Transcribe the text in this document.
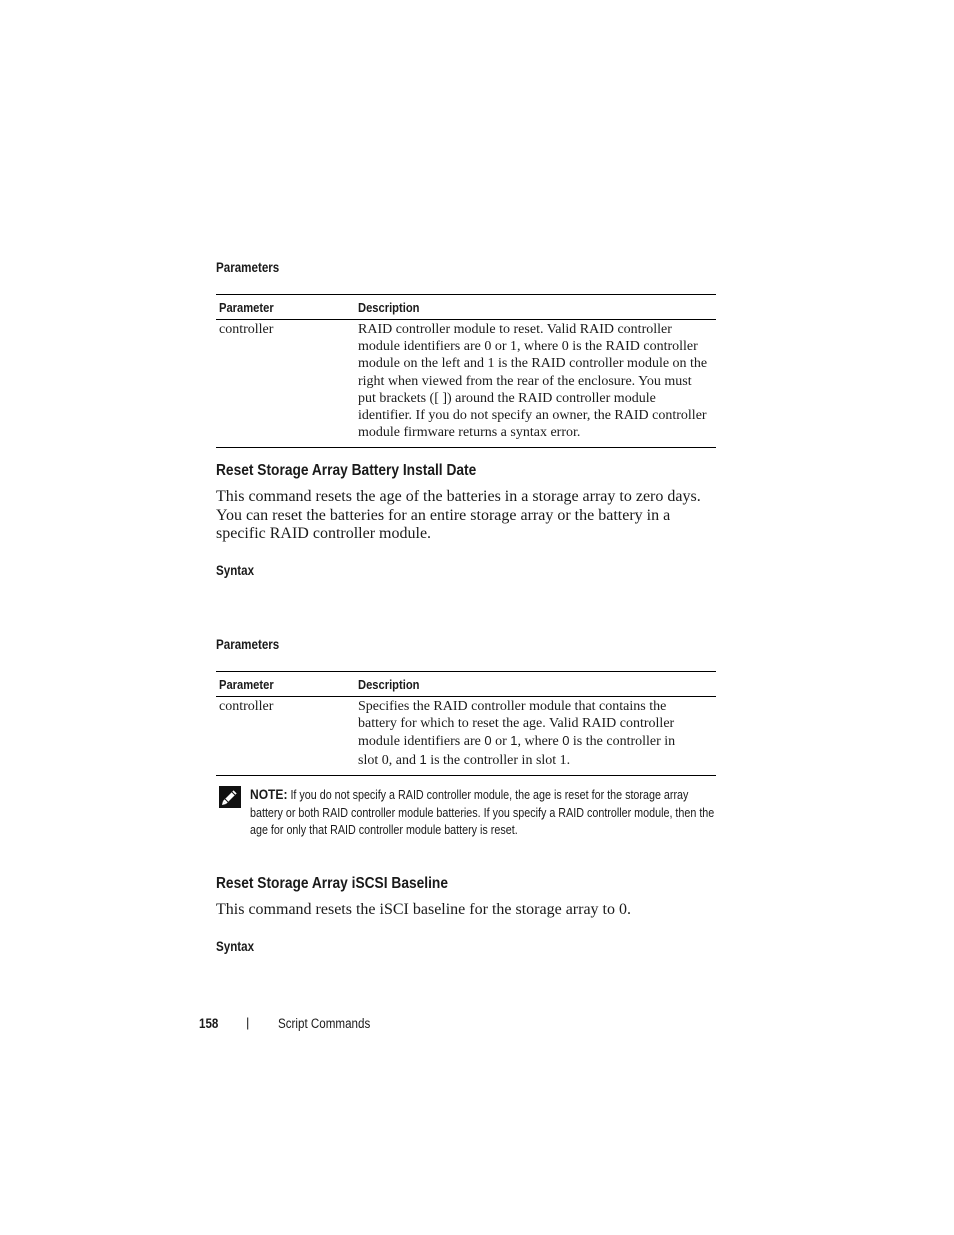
Parameters
Parameter	Description
controller	RAID controller module to reset. Valid RAID controller module identifiers are 0 or 1, where 0 is the RAID controller module on the left and 1 is the RAID controller module on the right when viewed from the rear of the enclosure. You must put brackets ([ ]) around the RAID controller module identifier. If you do not specify an owner, the RAID controller module firmware returns a syntax error.
Reset Storage Array Battery Install Date
This command resets the age of the batteries in a storage array to zero days. You can reset the batteries for an entire storage array or the battery in a specific RAID controller module.
Syntax
Parameters
Parameter	Description
controller	Specifies the RAID controller module that contains the battery for which to reset the age. Valid RAID controller module identifiers are 0 or 1, where 0 is the controller in slot 0, and 1 is the controller in slot 1.
NOTE: If you do not specify a RAID controller module, the age is reset for the storage array battery or both RAID controller module batteries. If you specify a RAID controller module, then the age for only that RAID controller module battery is reset.
Reset Storage Array iSCSI Baseline
This command resets the iSCI baseline for the storage array to 0.
Syntax
158 | Script Commands
